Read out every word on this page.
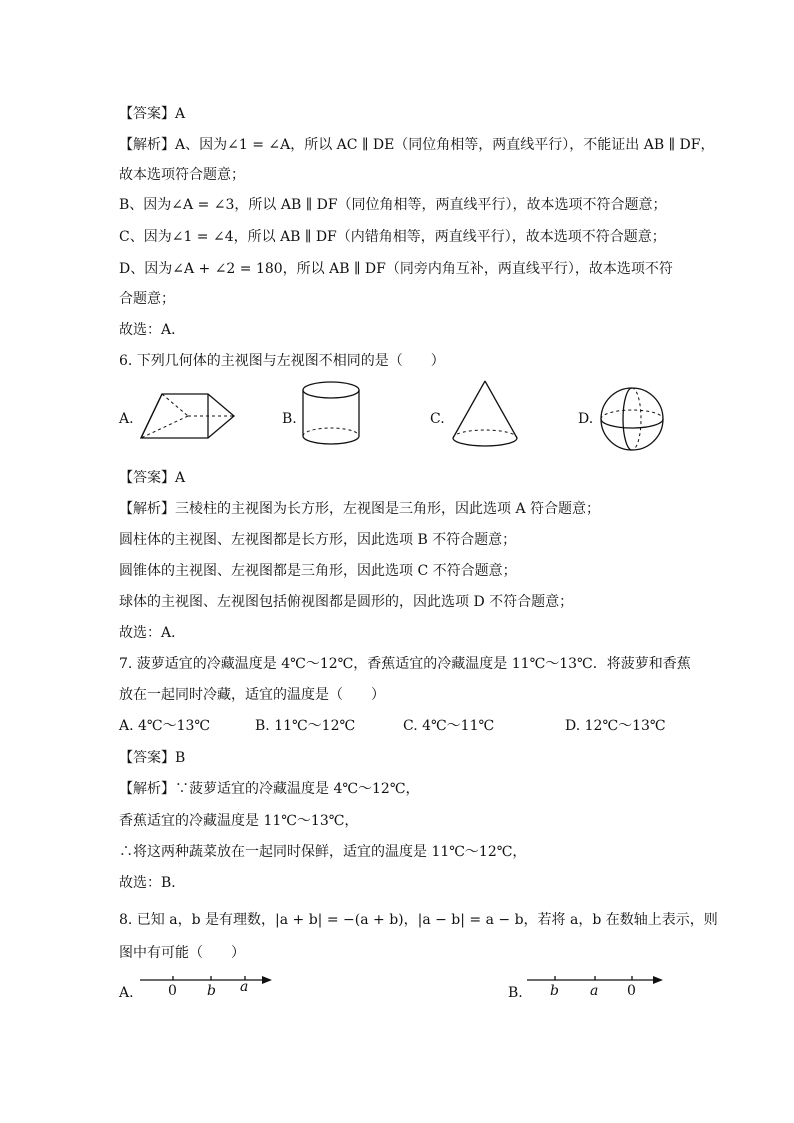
【答案】A
【解析】A、因为∠1 = ∠A，所以 AC ∥ DE（同位角相等，两直线平行），不能证出 AB ∥ DF，
故本选项符合题意；
B、因为∠A = ∠3，所以 AB ∥ DF（同位角相等，两直线平行），故本选项不符合题意；
C、因为∠1 = ∠4，所以 AB ∥ DF（内错角相等，两直线平行），故本选项不符合题意；
D、因为∠A + ∠2 = 180，所以 AB ∥ DF（同旁内角互补，两直线平行），故本选项不符
合题意；
故选：A．
6. 下列几何体的主视图与左视图不相同的是（　　）
A.	B.	C.	D.
【答案】A
【解析】三棱柱的主视图为长方形，左视图是三角形，因此选项 A 符合题意；
圆柱体的主视图、左视图都是长方形，因此选项 B 不符合题意；
圆锥体的主视图、左视图都是三角形，因此选项 C 不符合题意；
球体的主视图、左视图包括俯视图都是圆形的，因此选项 D 不符合题意；
故选：A．
7. 菠萝适宜的冷藏温度是 4℃～12℃，香蕉适宜的冷藏温度是 11℃～13℃．将菠萝和香蕉
放在一起同时冷藏，适宜的温度是（　　）
A. 4℃～13℃	B. 11℃～12℃	C. 4℃～11℃	D. 12℃～13℃
【答案】B
【解析】∵菠萝适宜的冷藏温度是 4℃～12℃，
香蕉适宜的冷藏温度是 11℃～13℃，
∴将这两种蔬菜放在一起同时保鲜，适宜的温度是 11℃～12℃，
故选：B．
8. 已知 a，b 是有理数，|a + b| = −(a + b)，|a − b| = a − b，若将 a，b 在数轴上表示，则
图中有可能（　　）
A. 0 b a	B. b a 0
